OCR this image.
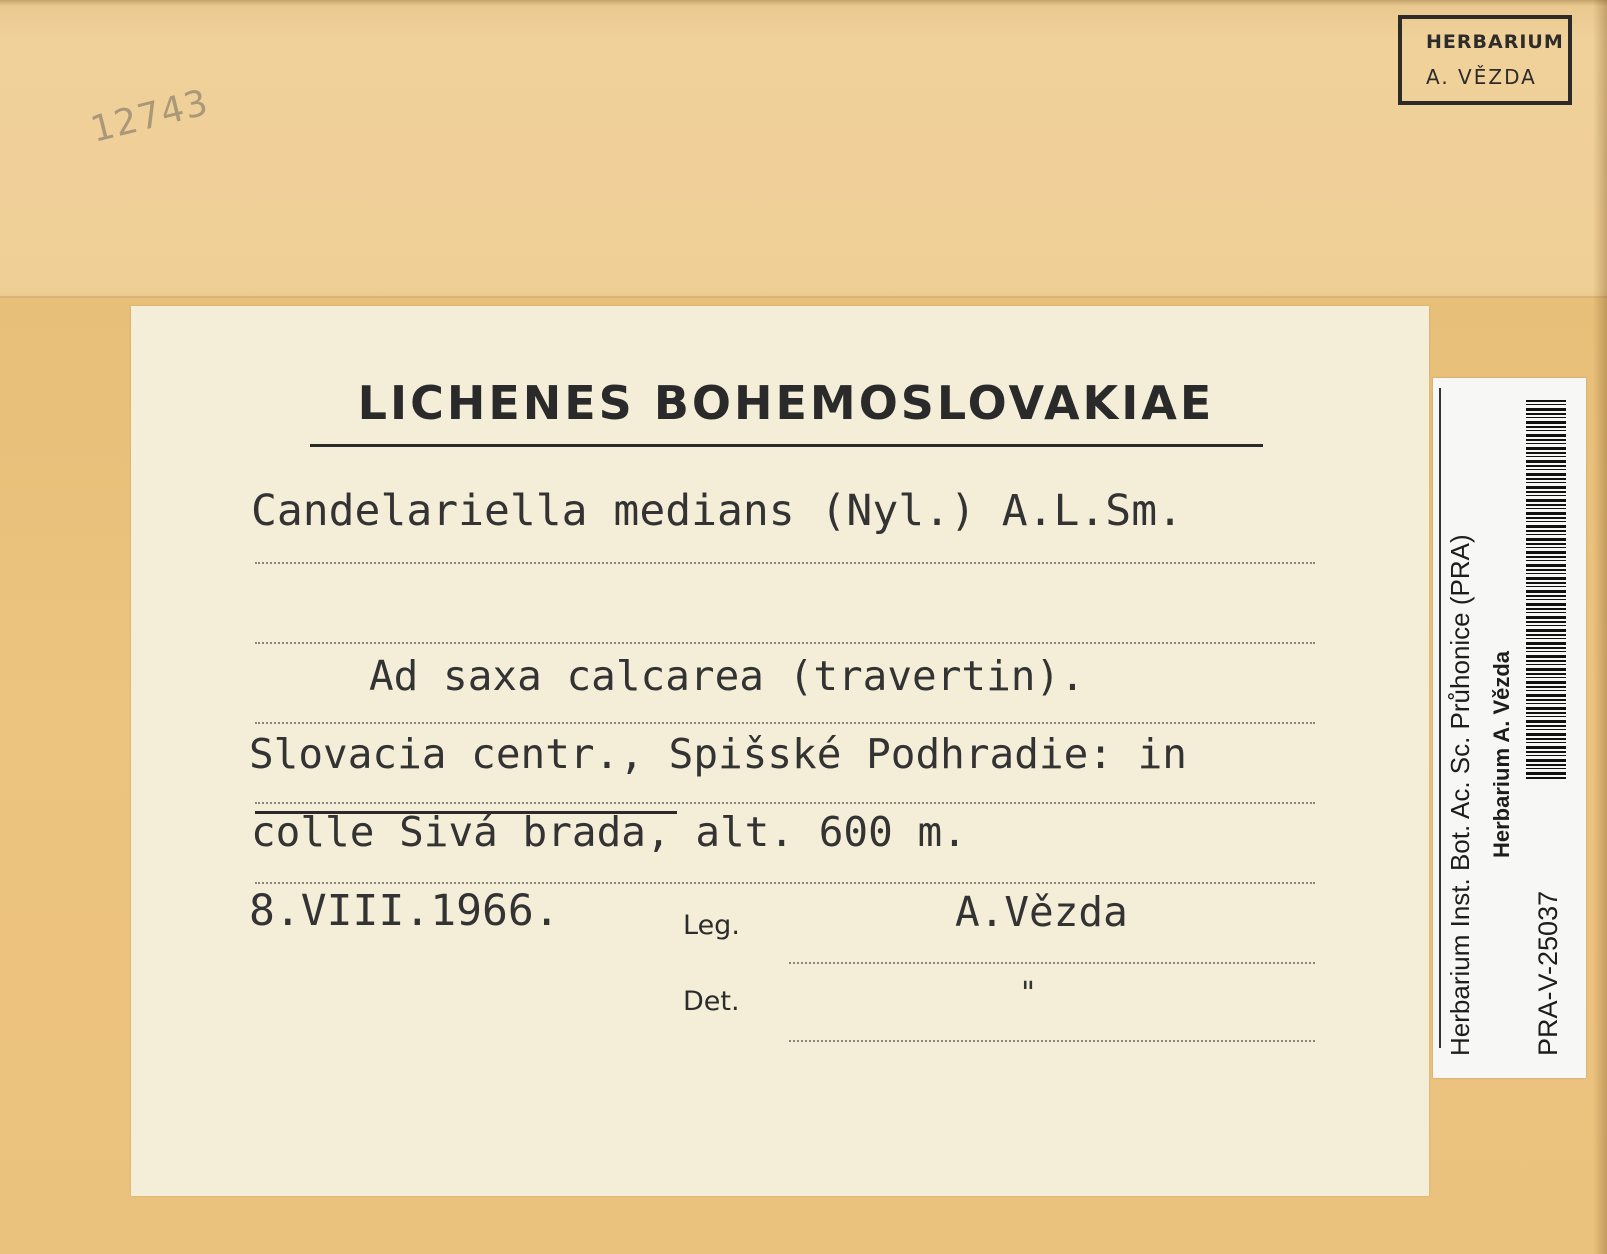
12743
HERBARIUM
A. VĚZDA
LICHENES BOHEMOSLOVAKIAE
Candelariella medians (Nyl.) A.L.Sm.
Ad saxa calcarea (travertin).
Slovacia centr., Spišské Podhradie: in
colle Sivá brada, alt. 600 m.
8.VIII.1966.	Leg.	A.Vězda
Det.	"	Herbarium Inst. Bot. Ac. Sc. Průhonice (PRA) Herbarium A. Vězda
PRA-V-25037
